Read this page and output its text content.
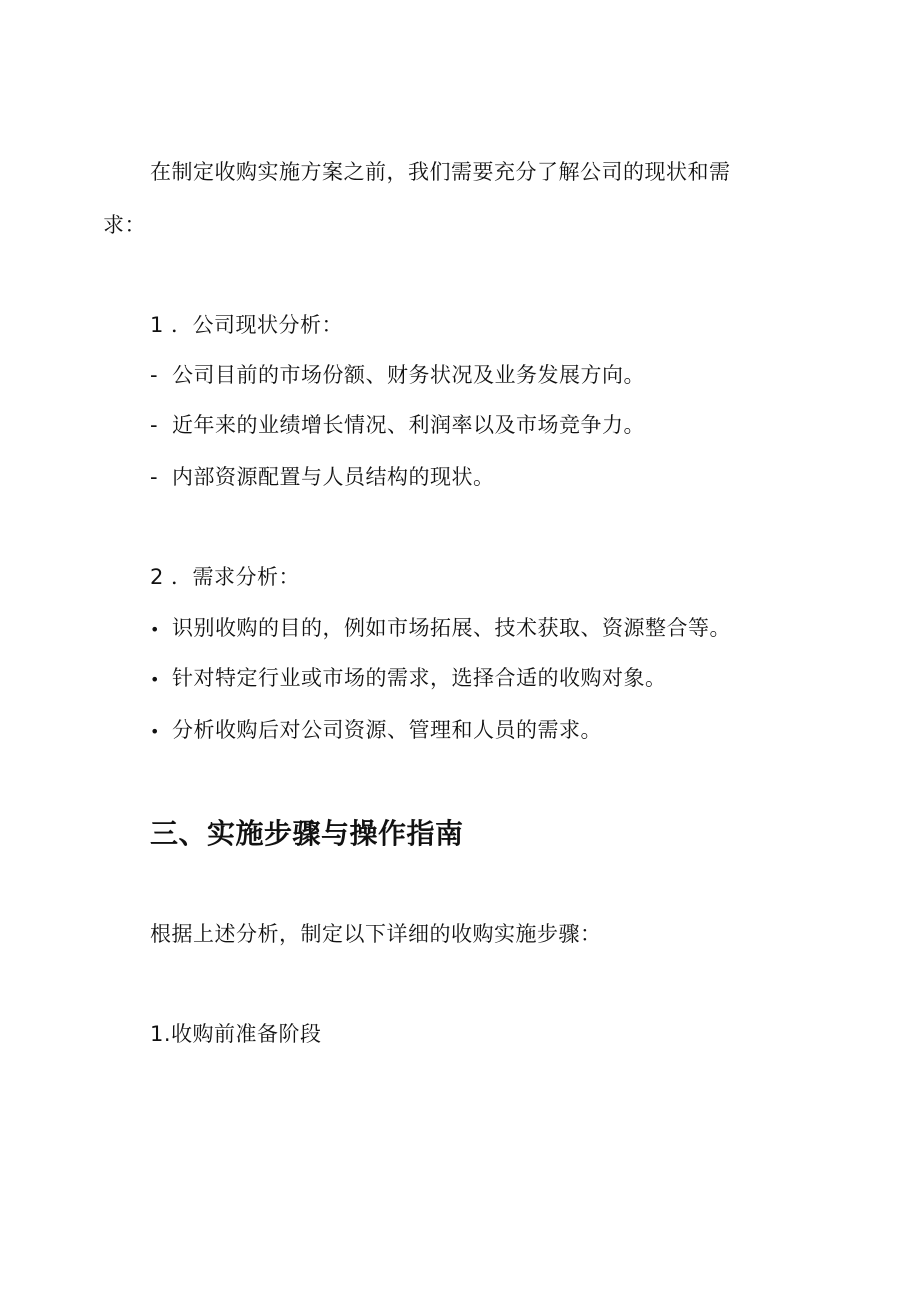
在制定收购实施方案之前，我们需要充分了解公司的现状和需
求：
1 ．公司现状分析：
- 公司目前的市场份额、财务状况及业务发展方向。
- 近年来的业绩增长情况、利润率以及市场竞争力。
- 内部资源配置与人员结构的现状。
2 ．需求分析：
• 识别收购的目的，例如市场拓展、技术获取、资源整合等。
• 针对特定行业或市场的需求，选择合适的收购对象。
• 分析收购后对公司资源、管理和人员的需求。
三、实施步骤与操作指南
根据上述分析，制定以下详细的收购实施步骤：
1.收购前准备阶段
